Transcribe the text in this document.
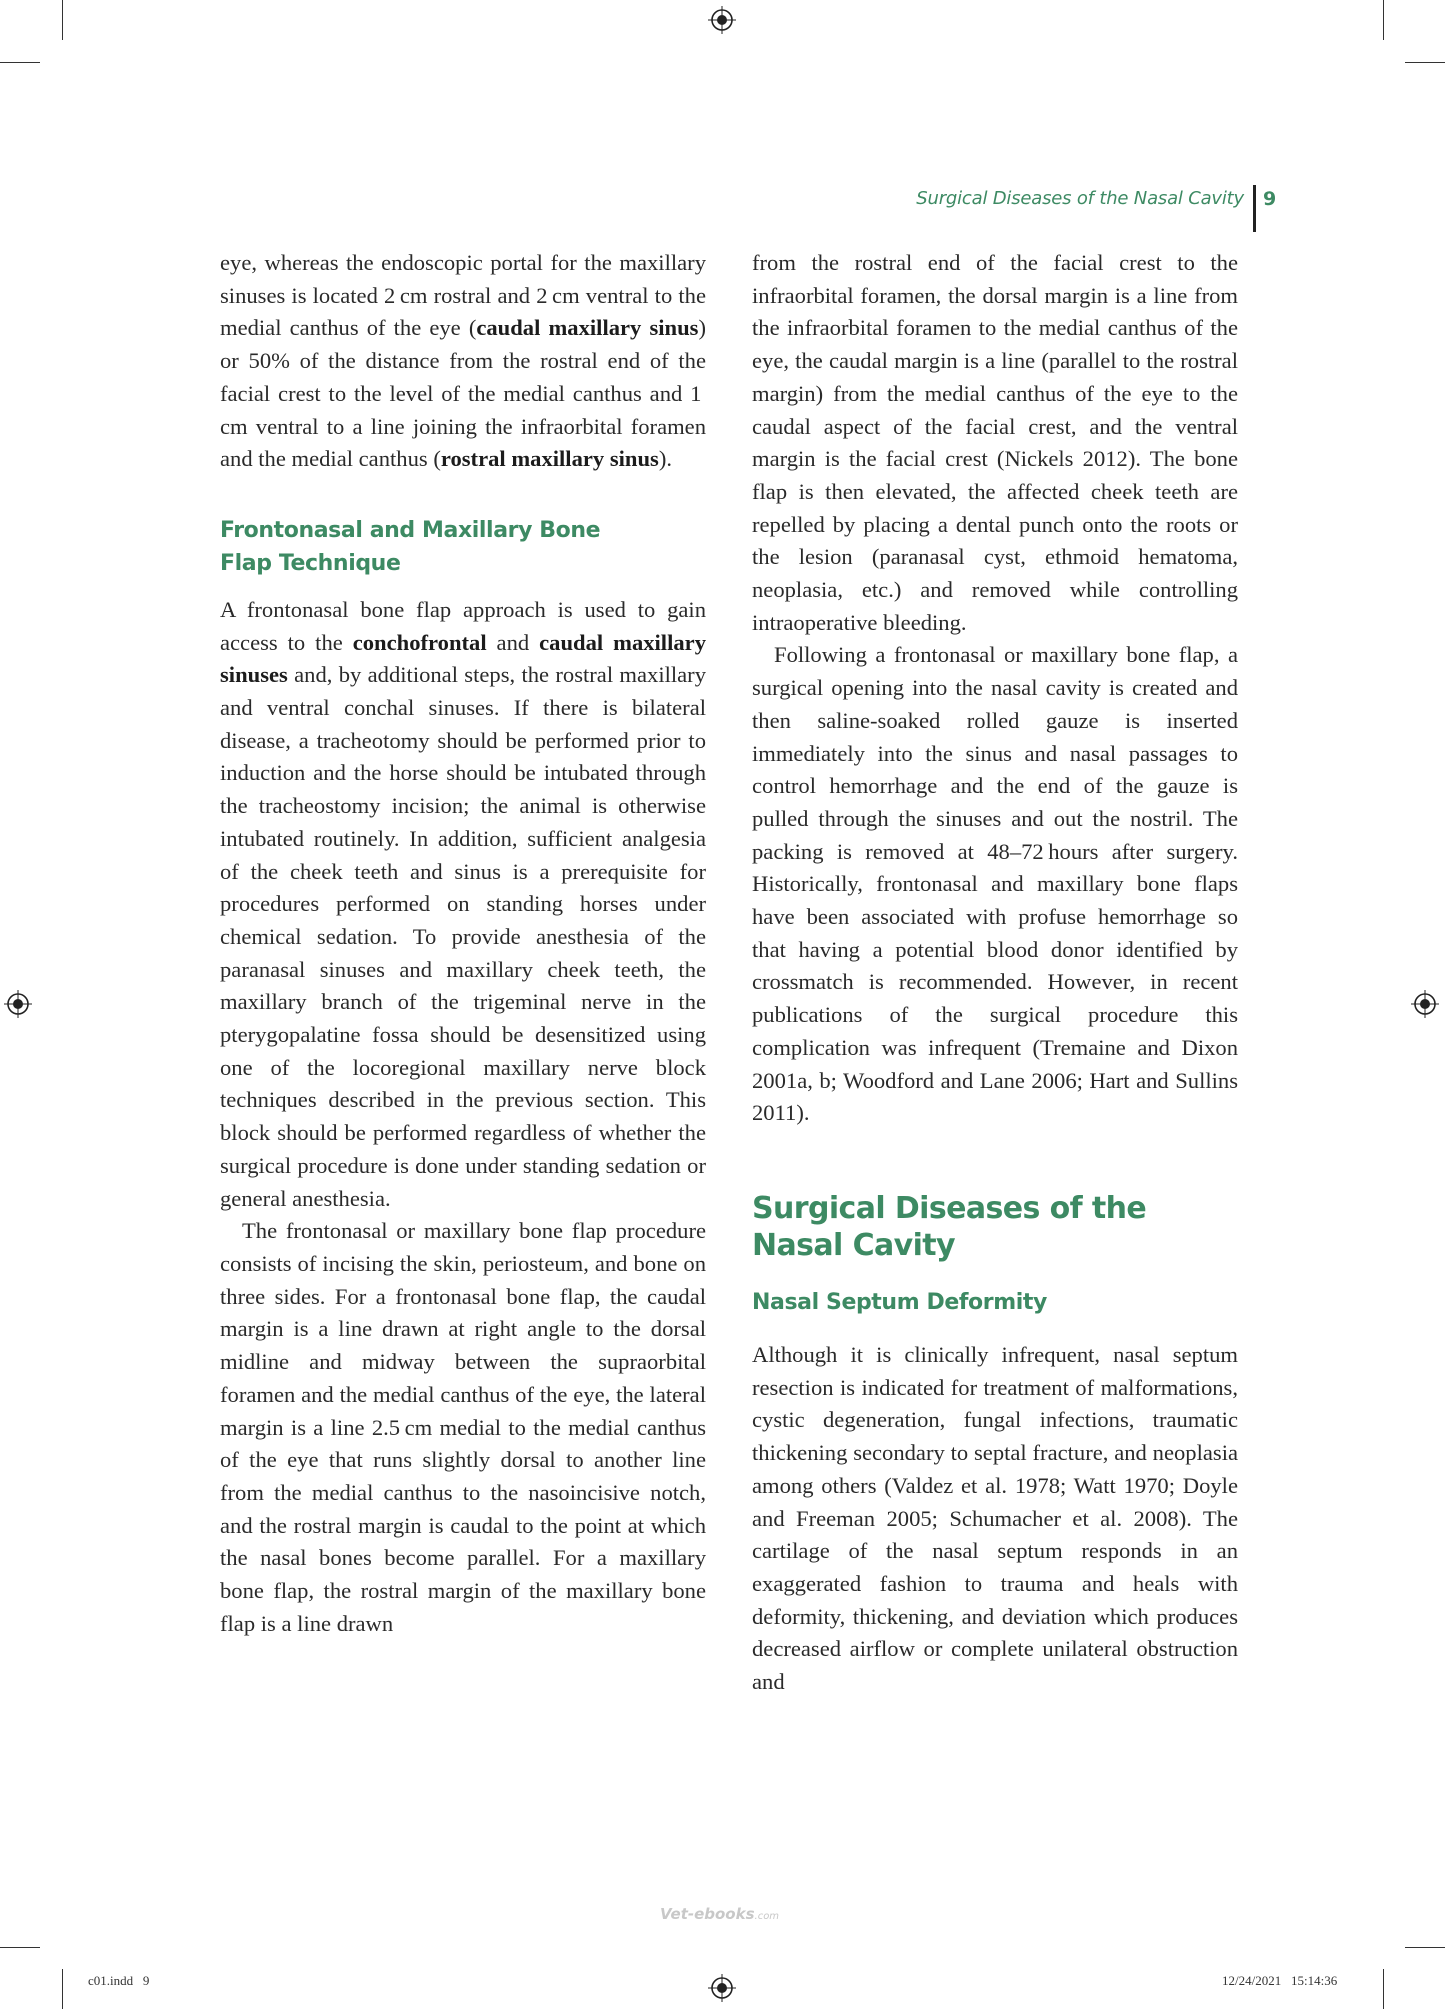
Surgical Diseases of the Nasal Cavity 9

eye, whereas the endoscopic portal for the maxillary sinuses is located 2 cm rostral and 2 cm ventral to the medial canthus of the eye (caudal maxillary sinus) or 50% of the distance from the rostral end of the facial crest to the level of the medial canthus and 1 cm ventral to a line joining the infraorbital foramen and the medial canthus (rostral maxillary sinus).

Frontonasal and Maxillary Bone
Flap Technique

A frontonasal bone flap approach is used to gain access to the conchofrontal and caudal maxillary sinuses and, by additional steps, the rostral maxillary and ventral conchal sinuses. If there is bilateral disease, a tracheotomy should be performed prior to induction and the horse should be intubated through the tracheostomy incision; the animal is otherwise intubated routinely. In addition, sufficient analgesia of the cheek teeth and sinus is a prerequisite for procedures performed on standing horses under chemical sedation. To provide anesthesia of the paranasal sinuses and maxillary cheek teeth, the maxillary branch of the trigeminal nerve in the pterygopalatine fossa should be desensitized using one of the locoregional maxillary nerve block techniques described in the previous section. This block should be performed regardless of whether the surgical procedure is done under standing sedation or general anesthesia.

The frontonasal or maxillary bone flap procedure consists of incising the skin, periosteum, and bone on three sides. For a frontonasal bone flap, the caudal margin is a line drawn at right angle to the dorsal midline and midway between the supraorbital foramen and the medial canthus of the eye, the lateral margin is a line 2.5 cm medial to the medial canthus of the eye that runs slightly dorsal to another line from the medial canthus to the nasoincisive notch, and the rostral margin is caudal to the point at which the nasal bones become parallel. For a maxillary bone flap, the rostral margin of the maxillary bone flap is a line drawn

from the rostral end of the facial crest to the infraorbital foramen, the dorsal margin is a line from the infraorbital foramen to the medial canthus of the eye, the caudal margin is a line (parallel to the rostral margin) from the medial canthus of the eye to the caudal aspect of the facial crest, and the ventral margin is the facial crest (Nickels 2012). The bone flap is then elevated, the affected cheek teeth are repelled by placing a dental punch onto the roots or the lesion (paranasal cyst, ethmoid hematoma, neoplasia, etc.) and removed while controlling intraoperative bleeding.

Following a frontonasal or maxillary bone flap, a surgical opening into the nasal cavity is created and then saline-soaked rolled gauze is inserted immediately into the sinus and nasal passages to control hemorrhage and the end of the gauze is pulled through the sinuses and out the nostril. The packing is removed at 48–72 hours after surgery. Historically, frontonasal and maxillary bone flaps have been associated with profuse hemorrhage so that having a potential blood donor identified by crossmatch is recommended. However, in recent publications of the surgical procedure this complication was infrequent (Tremaine and Dixon 2001a, b; Woodford and Lane 2006; Hart and Sullins 2011).

Surgical Diseases of the
Nasal Cavity
Nasal Septum Deformity

Although it is clinically infrequent, nasal septum resection is indicated for treatment of malformations, cystic degeneration, fungal infections, traumatic thickening secondary to septal fracture, and neoplasia among others (Valdez et al. 1978; Watt 1970; Doyle and Freeman 2005; Schumacher et al. 2008). The cartilage of the nasal septum responds in an exaggerated fashion to trauma and heals with deformity, thickening, and deviation which produces decreased airflow or complete unilateral obstruction and

Vet-ebooks.com
c01.indd   9	12/24/2021   15:14:36
